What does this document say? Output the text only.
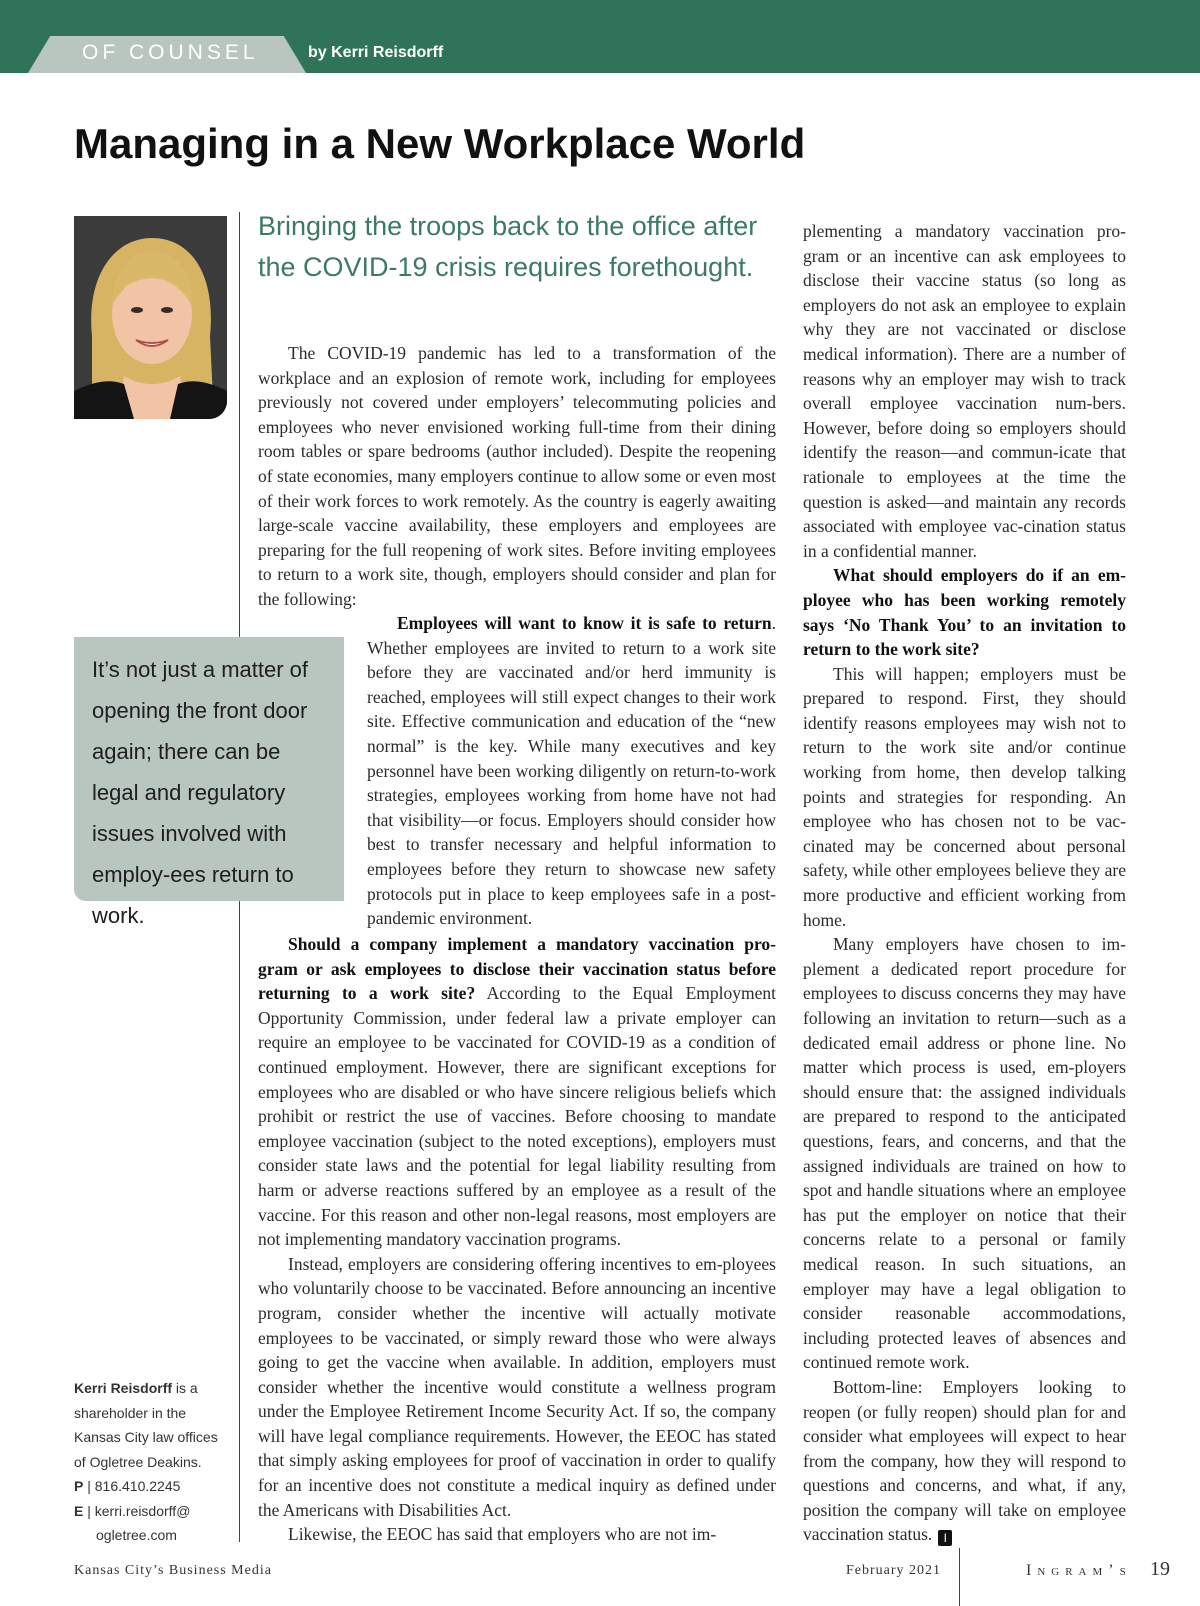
OF COUNSEL	by Kerri Reisdorff
Managing in a New Workplace World
Bringing the troops back to the office after the COVID-19 crisis requires forethought.
It’s not just a matter of opening the front door again; there can be legal and regulatory issues involved with employ-ees return to work.

The COVID-19 pandemic has led to a transformation of the workplace and an explosion of remote work, including for employees previously not covered under employers’ telecommuting policies and employees who never envisioned working full-time from their dining room tables or spare bedrooms (author included). Despite the reopening of state economies, many employers continue to allow some or even most of their work forces to work remotely. As the country is eagerly awaiting large-scale vaccine availability, these employers and employees are preparing for the full reopening of work sites. Before inviting employees to return to a work site, though, employers should consider and plan for the following:

Employees will want to know it is safe to return. Whether employees are invited to return to a work site before they are vaccinated and/or herd immunity is reached, employees will still expect changes to their work site. Effective communication and education of the “new normal” is the key. While many executives and key personnel have been working diligently on return-to-work strategies, employees working from home have not had that visibility—or focus. Employers should consider how best to transfer necessary and helpful information to employees before they return to showcase new safety protocols put in place to keep employees safe in a post-pandemic environment.

Should a company implement a mandatory vaccination pro-gram or ask employees to disclose their vaccination status before returning to a work site? According to the Equal Employment Opportunity Commission, under federal law a private employer can require an employee to be vaccinated for COVID-19 as a condition of continued employment. However, there are significant exceptions for employees who are disabled or who have sincere religious beliefs which prohibit or restrict the use of vaccines. Before choosing to mandate employee vaccination (subject to the noted exceptions), employers must consider state laws and the potential for legal liability resulting from harm or adverse reactions suffered by an employee as a result of the vaccine. For this reason and other non-legal reasons, most employers are not implementing mandatory vaccination programs.

Instead, employers are considering offering incentives to em-ployees who voluntarily choose to be vaccinated. Before announcing an incentive program, consider whether the incentive will actually motivate employees to be vaccinated, or simply reward those who were always going to get the vaccine when available. In addition, employers must consider whether the incentive would constitute a wellness program under the Employee Retirement Income Security Act. If so, the company will have legal compliance requirements. However, the EEOC has stated that simply asking employees for proof of vaccination in order to qualify for an incentive does not constitute a medical inquiry as defined under the Americans with Disabilities Act.

Likewise, the EEOC has said that employers who are not im-

plementing a mandatory vaccination pro-gram or an incentive can ask employees to disclose their vaccine status (so long as employers do not ask an employee to explain why they are not vaccinated or disclose medical information). There are a number of reasons why an employer may wish to track overall employee vaccination num-bers. However, before doing so employers should identify the reason—and commun-icate that rationale to employees at the time the question is asked—and maintain any records associated with employee vac-cination status in a confidential manner.

What should employers do if an em-ployee who has been working remotely says ‘No Thank You’ to an invitation to return to the work site?

This will happen; employers must be prepared to respond. First, they should identify reasons employees may wish not to return to the work site and/or continue working from home, then develop talking points and strategies for responding. An employee who has chosen not to be vac-cinated may be concerned about personal safety, while other employees believe they are more productive and efficient working from home.

Many employers have chosen to im-plement a dedicated report procedure for employees to discuss concerns they may have following an invitation to return—such as a dedicated email address or phone line. No matter which process is used, em-ployers should ensure that: the assigned individuals are prepared to respond to the anticipated questions, fears, and concerns, and that the assigned individuals are trained on how to spot and handle situations where an employee has put the employer on notice that their concerns relate to a personal or family medical reason. In such situations, an employer may have a legal obligation to consider reasonable accommodations, including protected leaves of absences and continued remote work.

Bottom-line: Employers looking to reopen (or fully reopen) should plan for and consider what employees will expect to hear from the company, how they will respond to questions and concerns, and what, if any, position the company will take on employee vaccination status. I

Kerri Reisdorff is a
shareholder in the
Kansas City law offices
of Ogletree Deakins.
P | 816.410.2245
E | kerri.reisdorff@
ogletree.com
Kansas City’s Business Media	February 2021	Ingram’s 19
